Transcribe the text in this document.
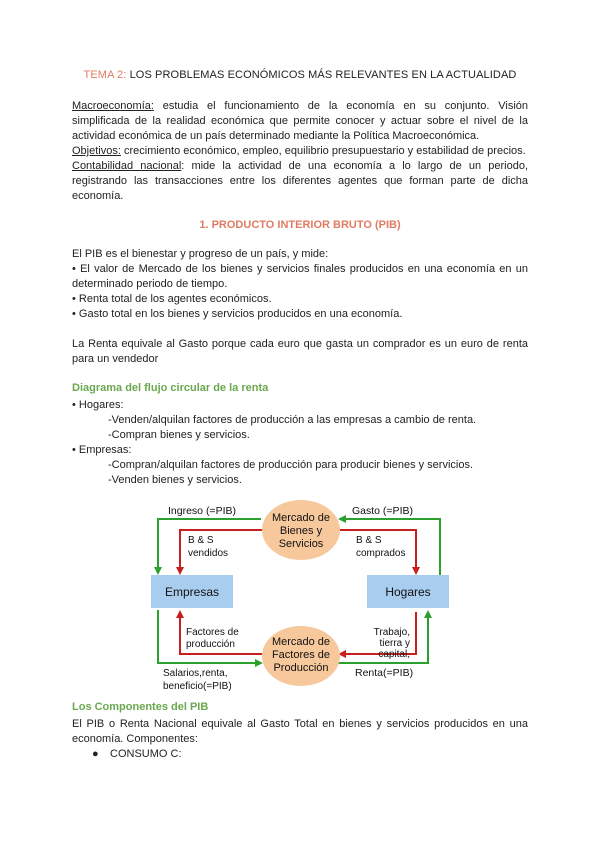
TEMA 2: LOS PROBLEMAS ECONÓMICOS MÁS RELEVANTES EN LA ACTUALIDAD

Macroeconomía: estudia el funcionamiento de la economía en su conjunto. Visión simplificada de la realidad económica que permite conocer y actuar sobre el nivel de la actividad económica de un país determinado mediante la Política Macroeconómica.

Objetivos: crecimiento económico, empleo, equilibrio presupuestario y estabilidad de precios.

Contabilidad nacional: mide la actividad de una economía a lo largo de un periodo, registrando las transacciones entre los diferentes agentes que forman parte de dicha economía.

1. PRODUCTO INTERIOR BRUTO (PIB)

El PIB es el bienestar y progreso de un país, y mide:

• El valor de Mercado de los bienes y servicios finales producidos en una economía en un determinado periodo de tiempo.

• Renta total de los agentes económicos.

• Gasto total en los bienes y servicios producidos en una economía.

La Renta equivale al Gasto porque cada euro que gasta un comprador es un euro de renta para un vendedor

Diagrama del flujo circular de la renta

• Hogares:

-Venden/alquilan factores de producción a las empresas a cambio de renta.

-Compran bienes y servicios.

• Empresas:

-Compran/alquilan factores de producción para producir bienes y servicios.

-Venden bienes y servicios.

Los Componentes del PIB

El PIB o Renta Nacional equivale al Gasto Total en bienes y servicios producidos en una economía. Componentes:

● CONSUMO C:

Empresas	Hogares
Mercado de
Bienes y
Servicios
Mercado de
Factores de
Producción
Ingreso (=PIB)	Gasto (=PIB)
B & S
vendidos
B & S
comprados
Factores de
producción
Trabajo,
tierra y
capital,
Salarios,renta,
beneficio(=PIB)
Renta(=PIB)
